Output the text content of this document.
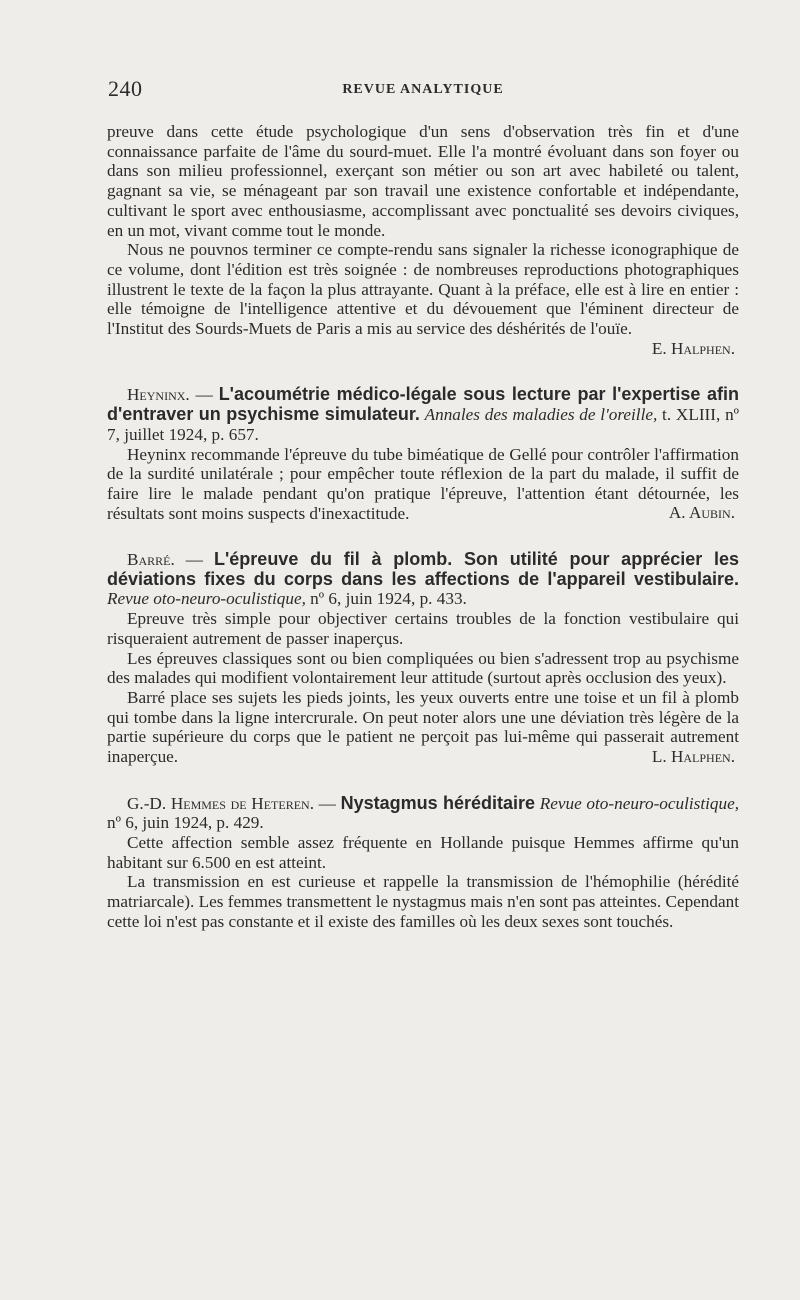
240	REVUE ANALYTIQUE

preuve dans cette étude psychologique d'un sens d'observation très fin et d'une connaissance parfaite de l'âme du sourd-muet. Elle l'a montré évoluant dans son foyer ou dans son milieu professionnel, exerçant son métier ou son art avec habileté ou talent, gagnant sa vie, se ménageant par son travail une existence confortable et indépendante, cultivant le sport avec enthousiasme, accomplissant avec ponctualité ses devoirs civiques, en un mot, vivant comme tout le monde.

Nous ne pouvnos terminer ce compte-rendu sans signaler la richesse iconographique de ce volume, dont l'édition est très soignée : de nombreuses reproductions photographiques illustrent le texte de la façon la plus attrayante. Quant à la préface, elle est à lire en entier : elle témoigne de l'intelligence attentive et du dévouement que l'éminent directeur de l'Institut des Sourds-Muets de Paris a mis au service des déshérités de l'ouïe.
E. Halphen.

Heyninx. — L'acoumétrie médico-légale sous lecture par l'expertise afin d'entraver un psychisme simulateur. Annales des maladies de l'oreille, t. XLIII, nº 7, juillet 1924, p. 657.

Heyninx recommande l'épreuve du tube biméatique de Gellé pour contrôler l'affirmation de la surdité unilatérale ; pour empêcher toute réflexion de la part du malade, il suffit de faire lire le malade pendant qu'on pratique l'épreuve, l'attention étant détournée, les résultats sont moins suspects d'inexactitude.	A. Aubin.

Barré. — L'épreuve du fil à plomb. Son utilité pour apprécier les déviations fixes du corps dans les affections de l'appareil vestibulaire. Revue oto-neuro-oculistique, nº 6, juin 1924, p. 433.

Epreuve très simple pour objectiver certains troubles de la fonction vestibulaire qui risqueraient autrement de passer inaperçus.

Les épreuves classiques sont ou bien compliquées ou bien s'adressent trop au psychisme des malades qui modifient volontairement leur attitude (surtout après occlusion des yeux).

Barré place ses sujets les pieds joints, les yeux ouverts entre une toise et un fil à plomb qui tombe dans la ligne intercrurale. On peut noter alors une une déviation très légère de la partie supérieure du corps que le patient ne perçoit pas lui-même qui passerait autrement inaperçue.	L. Halphen.

G.-D. Hemmes de Heteren. — Nystagmus héréditaire Revue oto-neuro-oculistique, nº 6, juin 1924, p. 429.

Cette affection semble assez fréquente en Hollande puisque Hemmes affirme qu'un habitant sur 6.500 en est atteint.

La transmission en est curieuse et rappelle la transmission de l'hémophilie (hérédité matriarcale). Les femmes transmettent le nystagmus mais n'en sont pas atteintes. Cependant cette loi n'est pas constante et il existe des familles où les deux sexes sont touchés.
